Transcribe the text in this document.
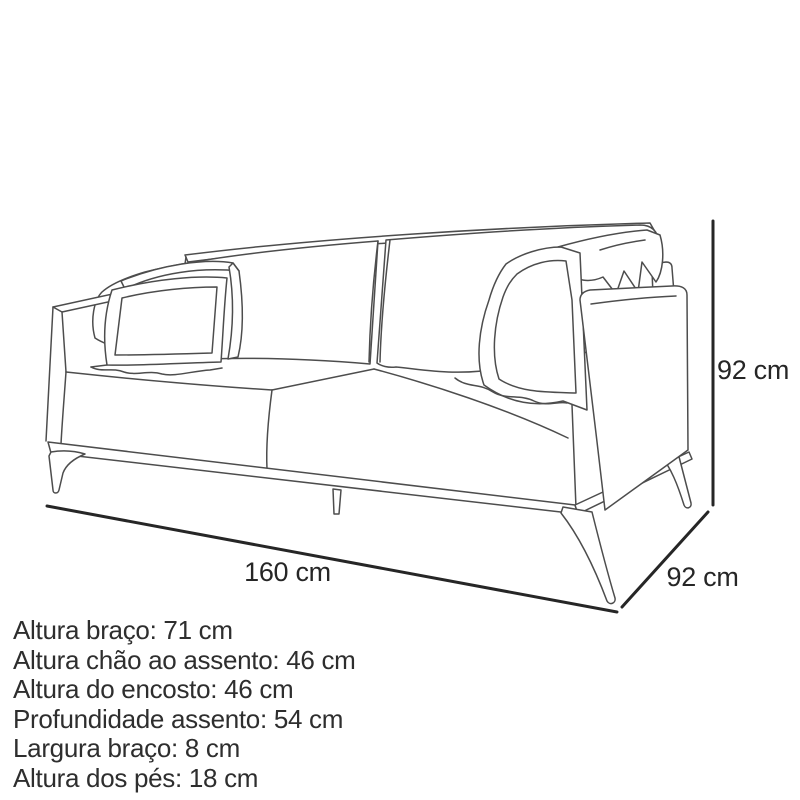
160 cm	92 cm
92 cm
Altura braço: 71 cm
Altura chão ao assento: 46 cm
Altura do encosto: 46 cm
Profundidade assento: 54 cm
Largura braço: 8 cm
Altura dos pés: 18 cm
